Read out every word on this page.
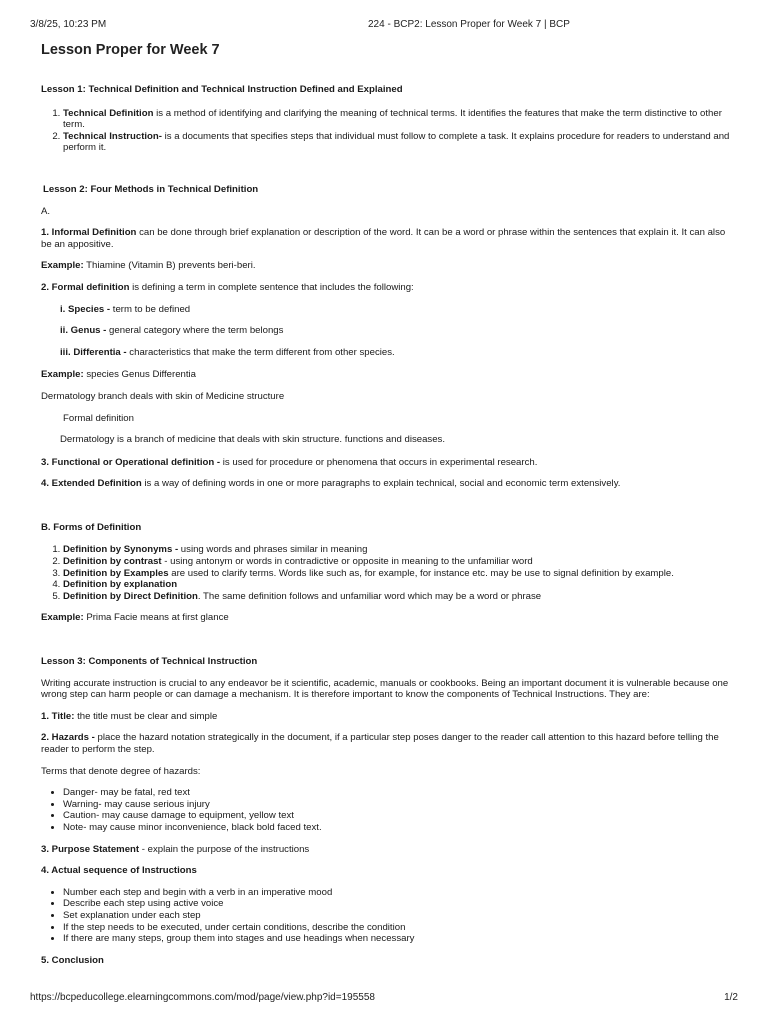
3/8/25, 10:23 PM	224 - BCP2: Lesson Proper for Week 7 | BCP
Lesson Proper for Week 7

Lesson 1: Technical Definition and Technical Instruction Defined and Explained

1. Technical Definition is a method of identifying and clarifying the meaning of technical terms. It identifies the features that make the term distinctive to other term.
2. Technical Instruction- is a documents that specifies steps that individual must follow to complete a task. It explains procedure for readers to understand and perform it.

Lesson 2: Four Methods in Technical Definition

A.

1. Informal Definition can be done through brief explanation or description of the word. It can be a word or phrase within the sentences that explain it. It can also be an appositive.

Example: Thiamine (Vitamin B) prevents beri-beri.

2. Formal definition is defining a term in complete sentence that includes the following:

i. Species - term to be defined

ii. Genus - general category where the term belongs

iii. Differentia - characteristics that make the term different from other species.

Example: species Genus Differentia

Dermatology branch deals with skin of Medicine structure

Formal definition

Dermatology is a branch of medicine that deals with skin structure. functions and diseases.

3. Functional or Operational definition - is used for procedure or phenomena that occurs in experimental research.

4. Extended Definition is a way of defining words in one or more paragraphs to explain technical, social and economic term extensively.

B. Forms of Definition

1. Definition by Synonyms - using words and phrases similar in meaning
2. Definition by contrast - using antonym or words in contradictive or opposite in meaning to the unfamiliar word
3. Definition by Examples are used to clarify terms. Words like such as, for example, for instance etc. may be use to signal definition by example.
4. Definition by explanation
5. Definition by Direct Definition. The same definition follows and unfamiliar word which may be a word or phrase

Example: Prima Facie means at first glance

Lesson 3: Components of Technical Instruction

Writing accurate instruction is crucial to any endeavor be it scientific, academic, manuals or cookbooks. Being an important document it is vulnerable because one wrong step can harm people or can damage a mechanism. It is therefore important to know the components of Technical Instructions. They are:

1. Title: the title must be clear and simple

2. Hazards - place the hazard notation strategically in the document, if a particular step poses danger to the reader call attention to this hazard before telling the reader to perform the step.

Terms that denote degree of hazards:

• Danger- may be fatal, red text
• Warning- may cause serious injury
• Caution- may cause damage to equipment, yellow text
• Note- may cause minor inconvenience, black bold faced text.

3. Purpose Statement - explain the purpose of the instructions

4. Actual sequence of Instructions

• Number each step and begin with a verb in an imperative mood
• Describe each step using active voice
• Set explanation under each step
• If the step needs to be executed, under certain conditions, describe the condition
• If there are many steps, group them into stages and use headings when necessary

5. Conclusion

https://bcpeducollege.elearningcommons.com/mod/page/view.php?id=195558	1/2
